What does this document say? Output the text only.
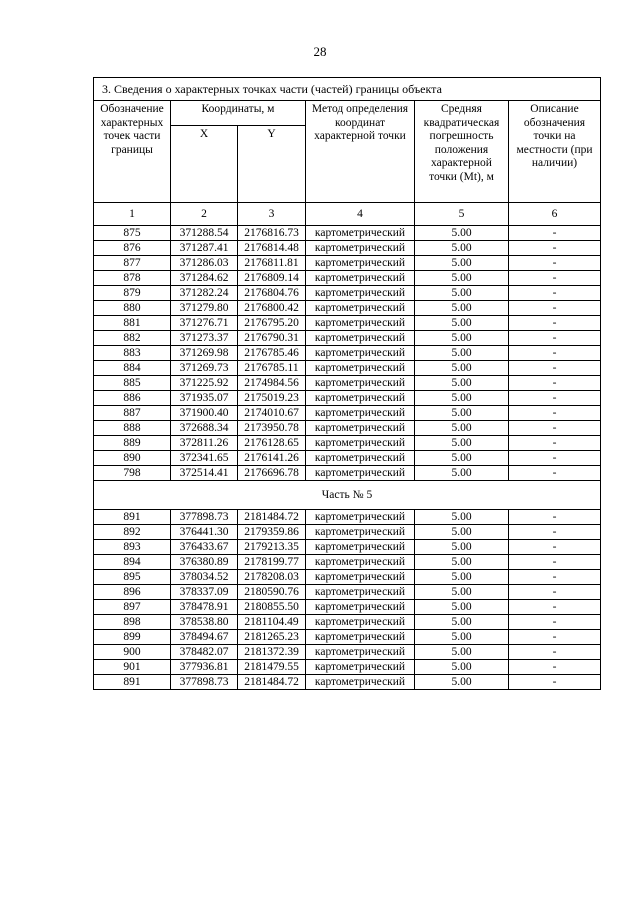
28
3. Сведения о характерных точках части (частей) границы объекта					
Обозначение характерных точек части границы	Координаты, м		Метод определения координат характерной точки	Средняя квадратическая погрешность положения характерной точки (Mt), м	Описание обозначения точки на местности (при наличии)
	X	Y			
1	2	3	4	5	6
875	371288.54	2176816.73	картометрический	5.00	-
876	371287.41	2176814.48	картометрический	5.00	-
877	371286.03	2176811.81	картометрический	5.00	-
878	371284.62	2176809.14	картометрический	5.00	-
879	371282.24	2176804.76	картометрический	5.00	-
880	371279.80	2176800.42	картометрический	5.00	-
881	371276.71	2176795.20	картометрический	5.00	-
882	371273.37	2176790.31	картометрический	5.00	-
883	371269.98	2176785.46	картометрический	5.00	-
884	371269.73	2176785.11	картометрический	5.00	-
885	371225.92	2174984.56	картометрический	5.00	-
886	371935.07	2175019.23	картометрический	5.00	-
887	371900.40	2174010.67	картометрический	5.00	-
888	372688.34	2173950.78	картометрический	5.00	-
889	372811.26	2176128.65	картометрический	5.00	-
890	372341.65	2176141.26	картометрический	5.00	-
798	372514.41	2176696.78	картометрический	5.00	-
Часть № 5					
891	377898.73	2181484.72	картометрический	5.00	-
892	376441.30	2179359.86	картометрический	5.00	-
893	376433.67	2179213.35	картометрический	5.00	-
894	376380.89	2178199.77	картометрический	5.00	-
895	378034.52	2178208.03	картометрический	5.00	-
896	378337.09	2180590.76	картометрический	5.00	-
897	378478.91	2180855.50	картометрический	5.00	-
898	378538.80	2181104.49	картометрический	5.00	-
899	378494.67	2181265.23	картометрический	5.00	-
900	378482.07	2181372.39	картометрический	5.00	-
901	377936.81	2181479.55	картометрический	5.00	-
891	377898.73	2181484.72	картометрический	5.00	-
